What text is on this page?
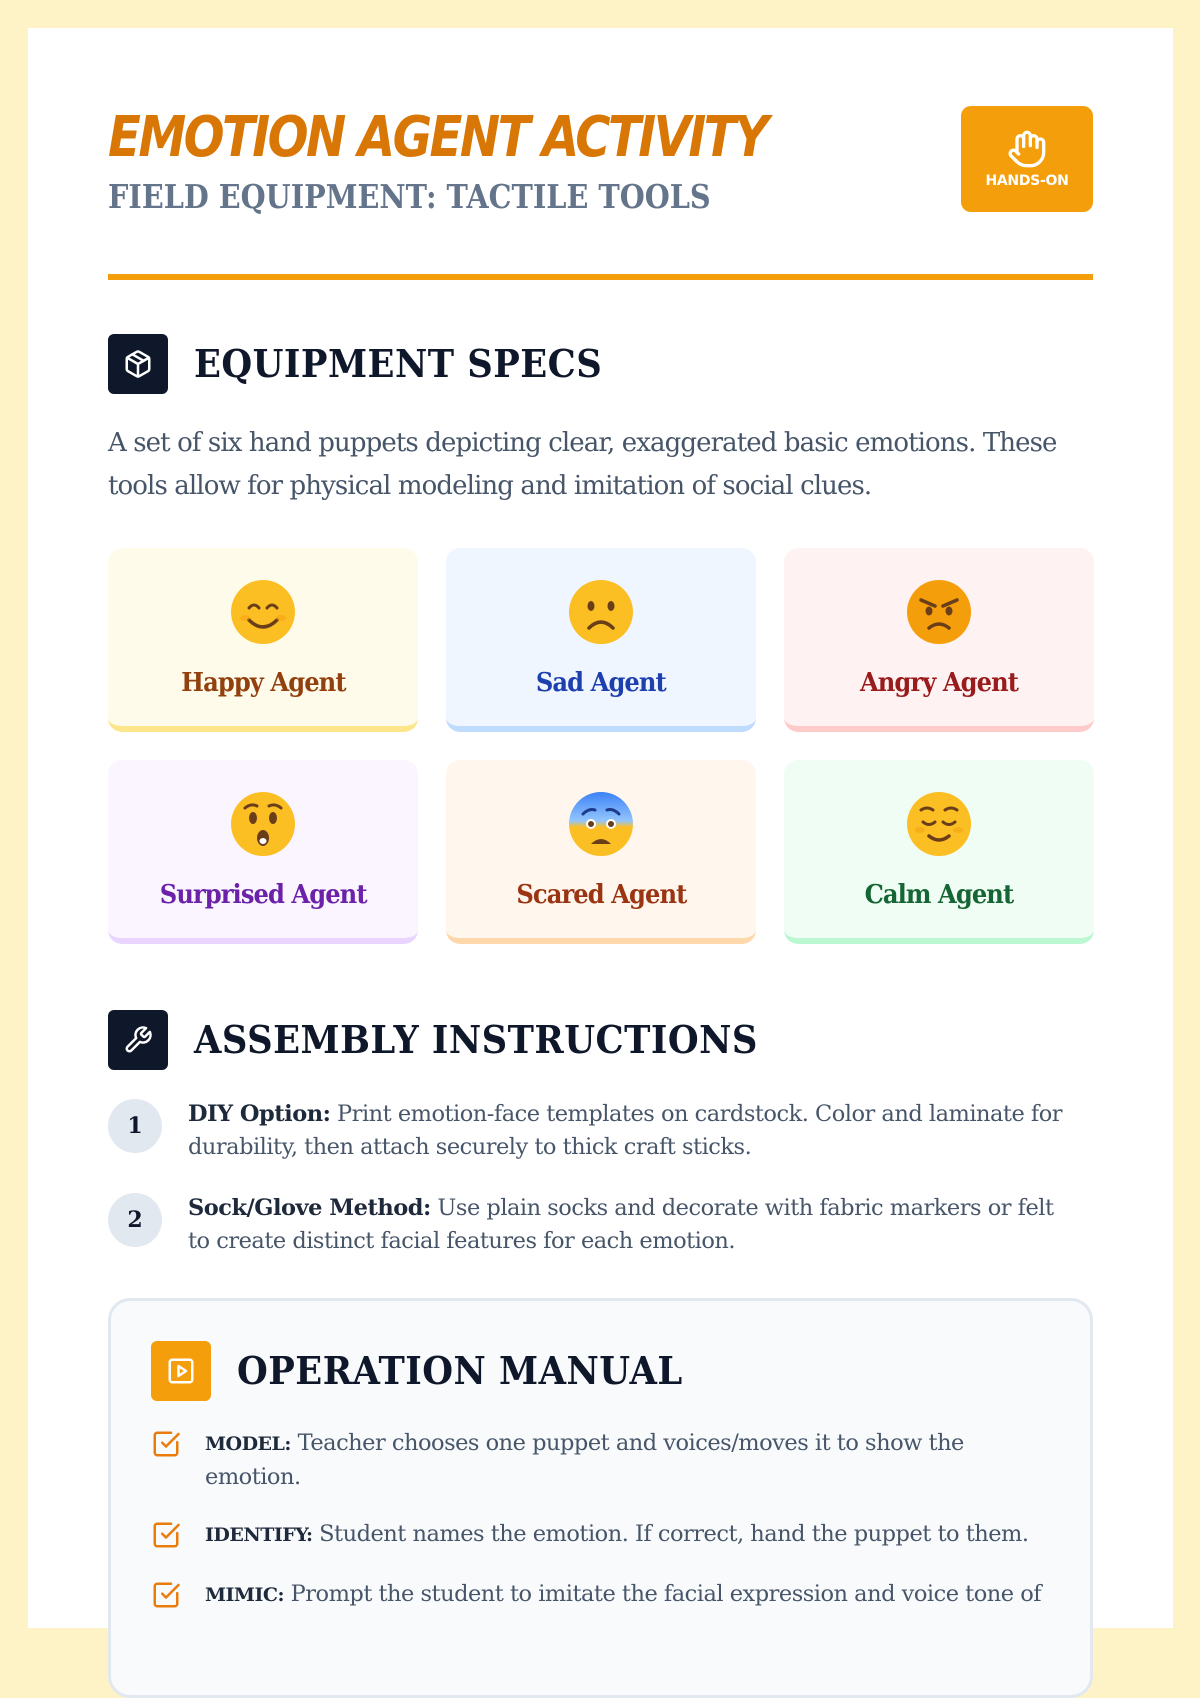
EMOTION AGENT ACTIVITY
FIELD EQUIPMENT: TACTILE TOOLS	HANDS-ON
EQUIPMENT SPECS

A set of six hand puppets depicting clear, exaggerated basic emotions. These tools allow for physical modeling and imitation of social clues.

Happy Agent	Sad Agent	Angry Agent
Surprised Agent	Scared Agent	Calm Agent
ASSEMBLY INSTRUCTIONS
1	DIY Option: Print emotion-face templates on cardstock. Color and laminate for durability, then attach securely to thick craft sticks.
2	Sock/Glove Method: Use plain socks and decorate with fabric markers or felt to create distinct facial features for each emotion.
OPERATION MANUAL
MODEL: Teacher chooses one puppet and voices/moves it to show the emotion.
IDENTIFY: Student names the emotion. If correct, hand the puppet to them.
MIMIC: Prompt the student to imitate the facial expression and voice tone of
